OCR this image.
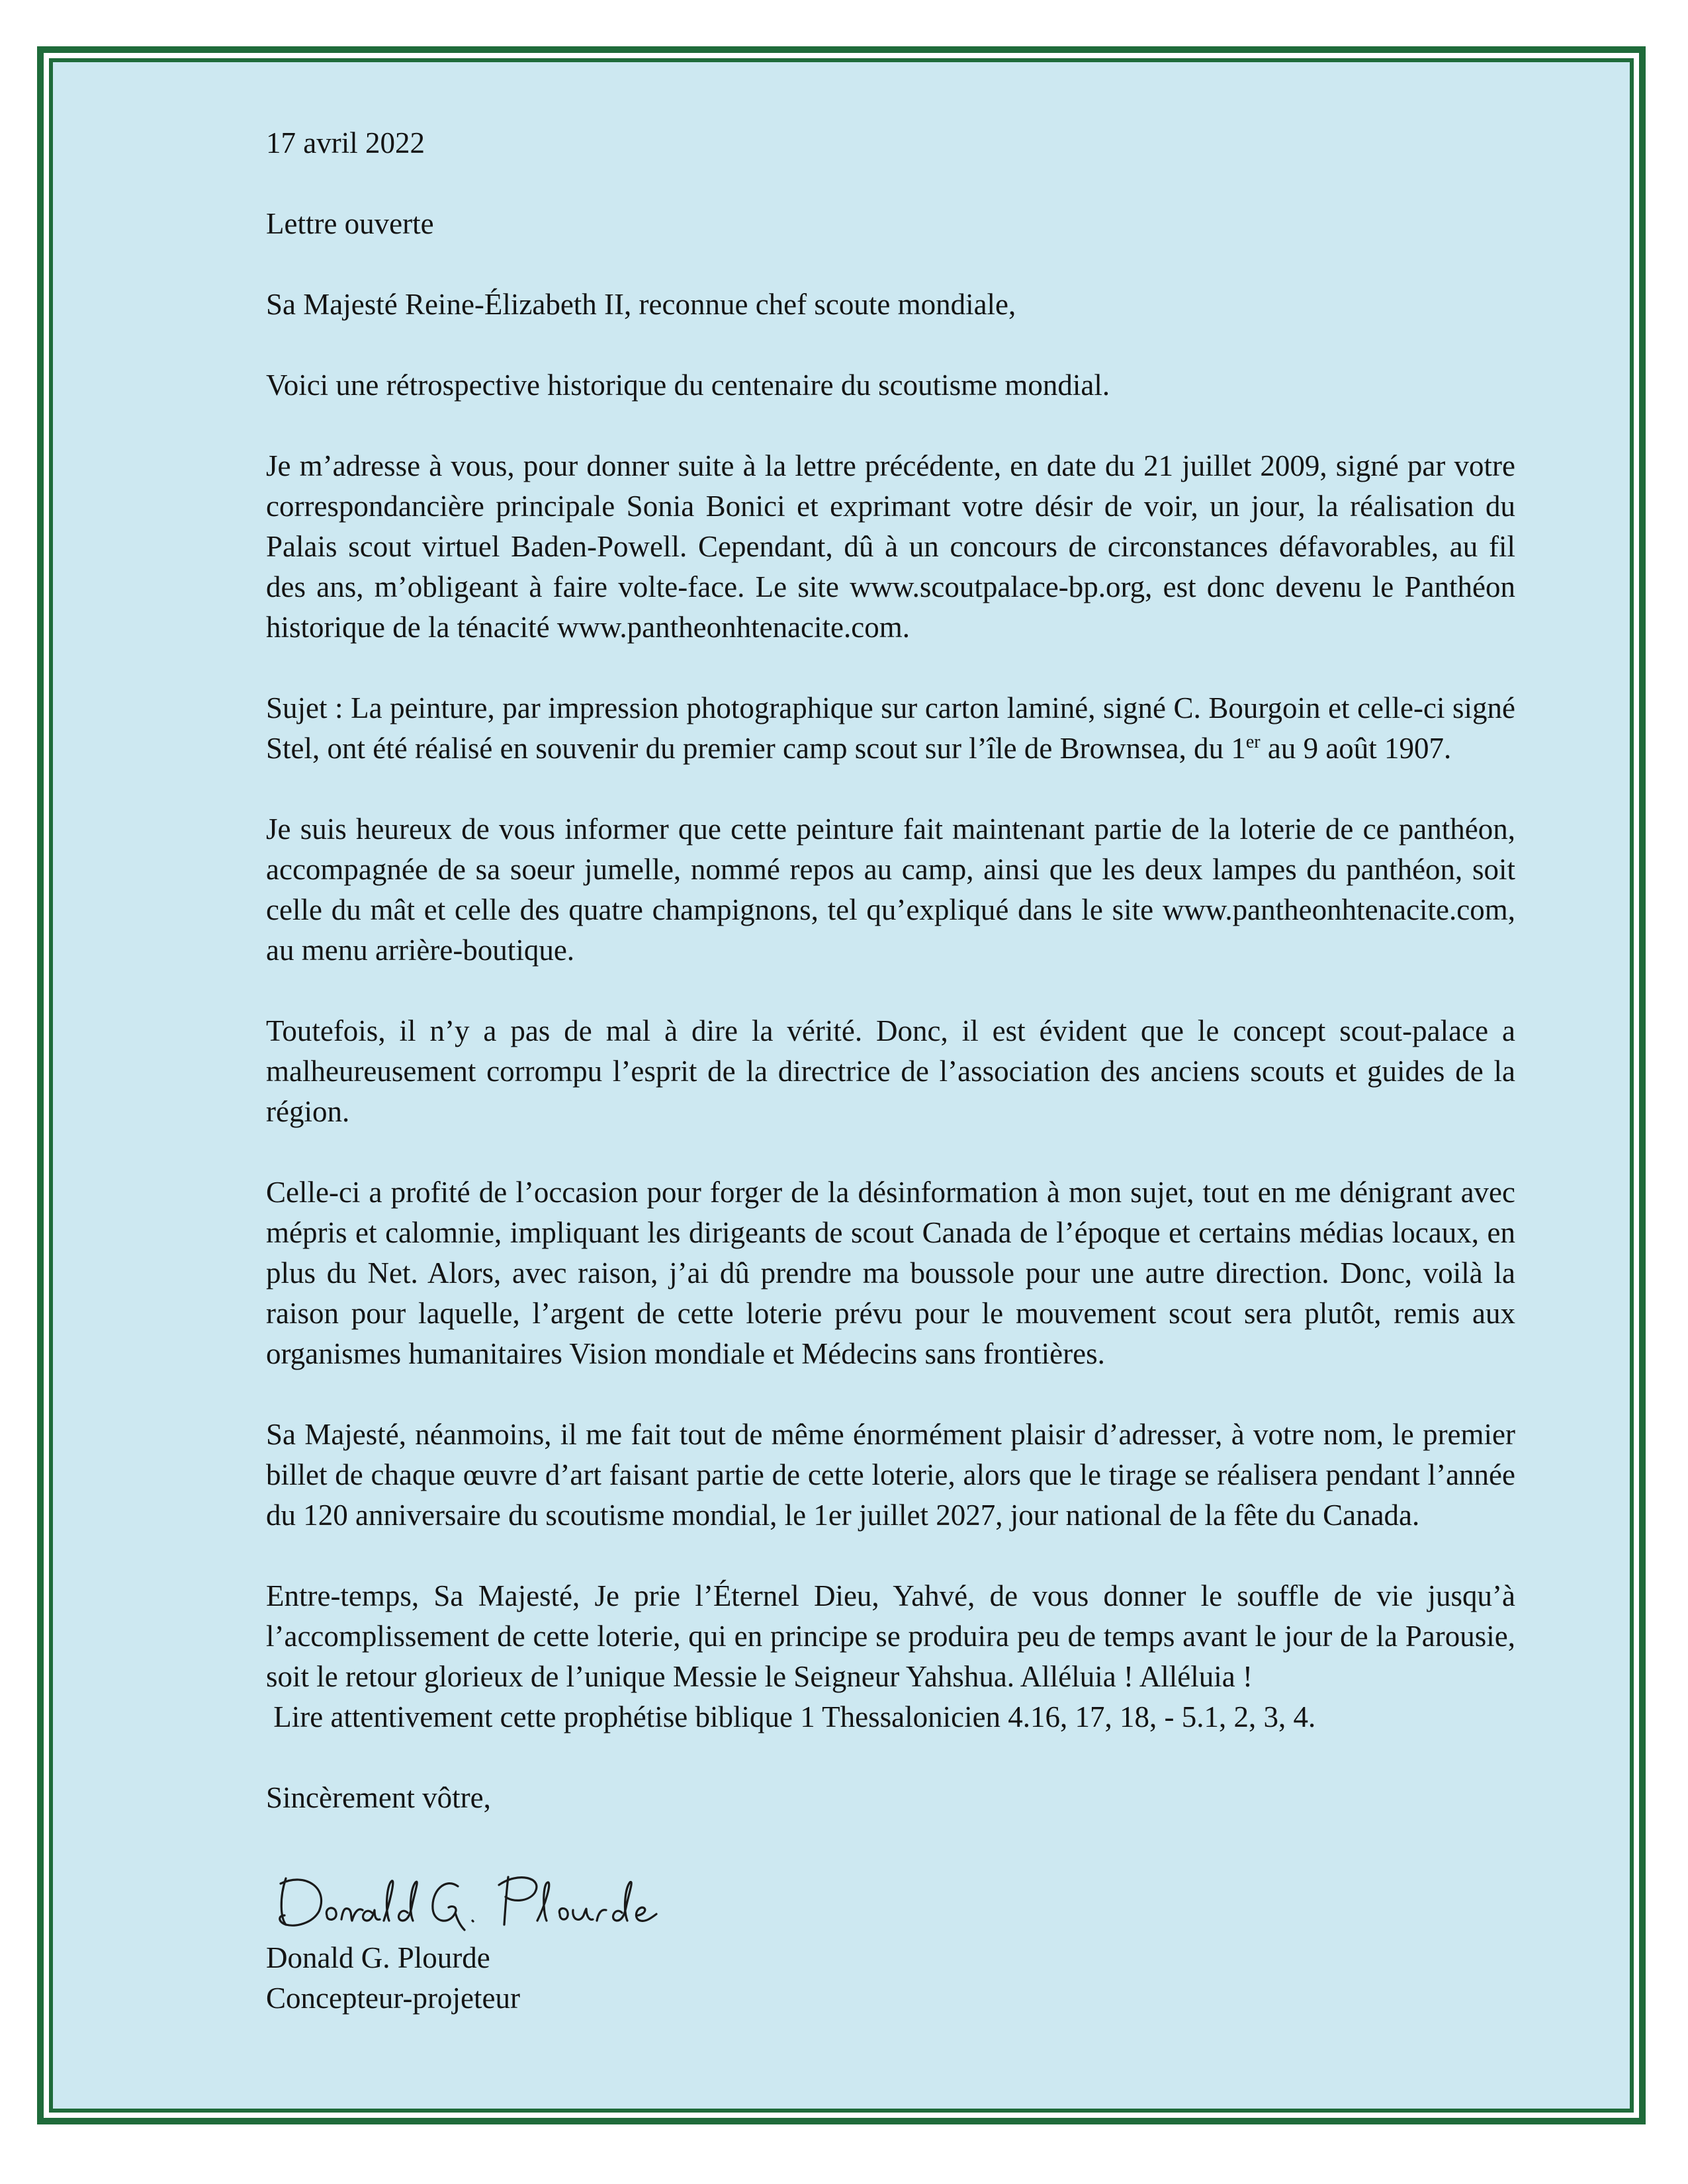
17 avril 2022

Lettre ouverte

Sa Majesté Reine-Élizabeth II, reconnue chef scoute mondiale,

Voici une rétrospective historique du centenaire du scoutisme mondial.

Je m’adresse à vous, pour donner suite à la lettre précédente, en date du 21 juillet 2009, signé par votre correspondancière principale Sonia Bonici et exprimant votre désir de voir, un jour, la réalisation du Palais scout virtuel Baden-Powell. Cependant, dû à un concours de circonstances défavorables, au fil des ans, m’obligeant à faire volte-face. Le site www.scoutpalace-bp.org, est donc devenu le Panthéon historique de la ténacité www.pantheonhtenacite.com.

Sujet : La peinture, par impression photographique sur carton laminé, signé C. Bourgoin et celle-ci signé Stel, ont été réalisé en souvenir du premier camp scout sur l’île de Brownsea, du 1er au 9 août 1907.

Je suis heureux de vous informer que cette peinture fait maintenant partie de la loterie de ce panthéon, accompagnée de sa soeur jumelle, nommé repos au camp, ainsi que les deux lampes du panthéon, soit celle du mât et celle des quatre champignons, tel qu’expliqué dans le site www.pantheonhtenacite.com, au menu arrière-boutique.

Toutefois, il n’y a pas de mal à dire la vérité. Donc, il est évident que le concept scout-palace a malheureusement corrompu l’esprit de la directrice de l’association des anciens scouts et guides de la région.

Celle-ci a profité de l’occasion pour forger de la désinformation à mon sujet, tout en me dénigrant avec mépris et calomnie, impliquant les dirigeants de scout Canada de l’époque et certains médias locaux, en plus du Net. Alors, avec raison, j’ai dû prendre ma boussole pour une autre direction. Donc, voilà la raison pour laquelle, l’argent de cette loterie prévu pour le mouvement scout sera plutôt, remis aux organismes humanitaires Vision mondiale et Médecins sans frontières.

Sa Majesté, néanmoins, il me fait tout de même énormément plaisir d’adresser, à votre nom, le premier billet de chaque œuvre d’art faisant partie de cette loterie, alors que le tirage se réalisera pendant l’année du 120 anniversaire du scoutisme mondial, le 1er juillet 2027, jour national de la fête du Canada.

Entre-temps, Sa Majesté, Je prie l’Éternel Dieu, Yahvé, de vous donner le souffle de vie jusqu’à l’accomplissement de cette loterie, qui en principe se produira peu de temps avant le jour de la Parousie, soit le retour glorieux de l’unique Messie le Seigneur Yahshua. Alléluia ! Alléluia !
Lire attentivement cette prophétise biblique 1 Thessalonicien 4.16, 17, 18, - 5.1, 2, 3, 4.

Sincèrement vôtre,

Donald G. Plourde

Concepteur-projeteur
